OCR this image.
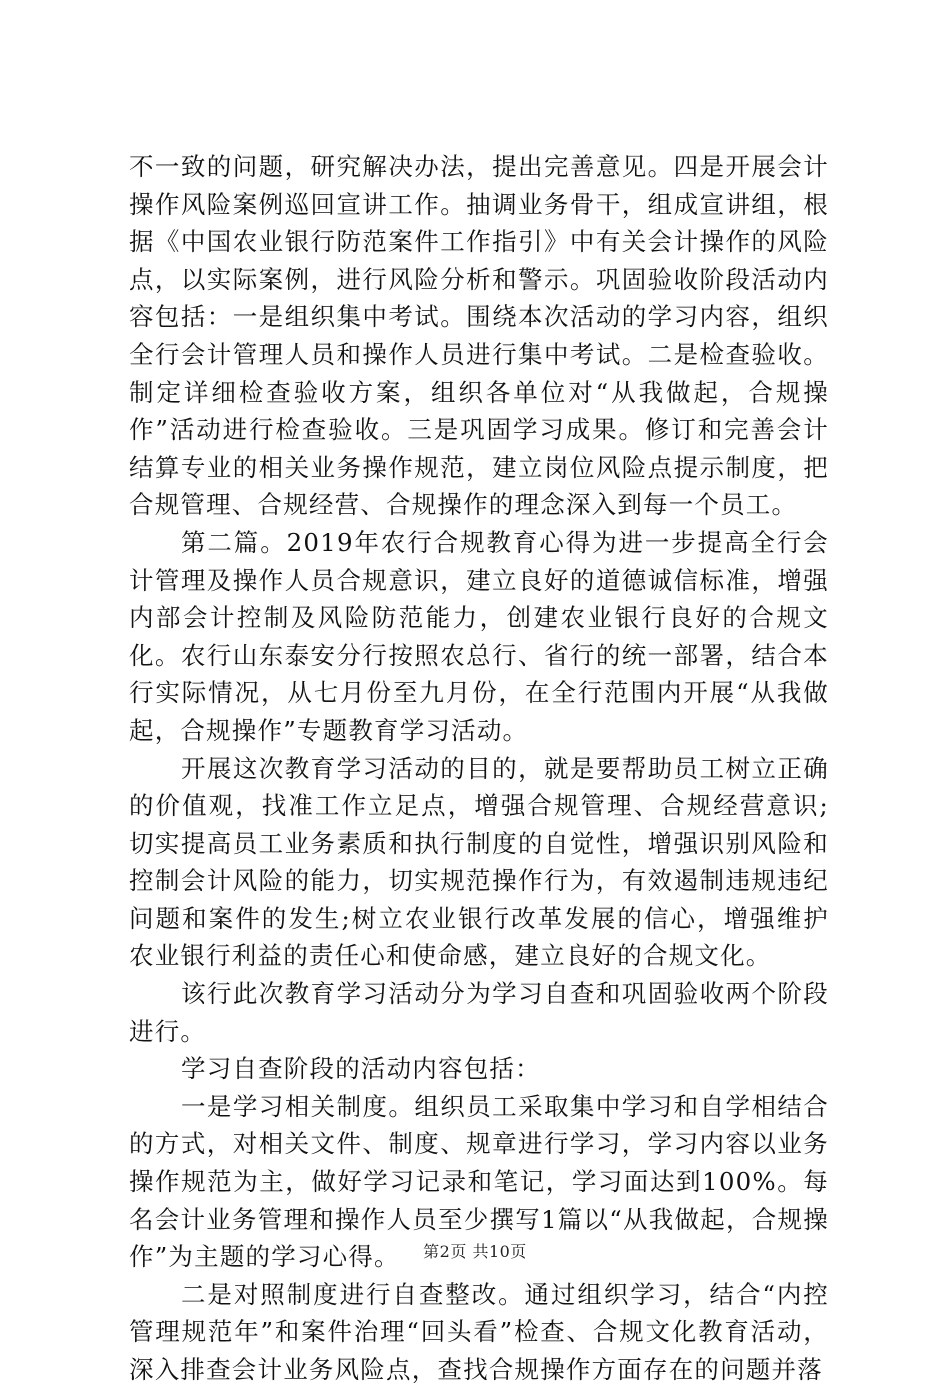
不一致的问题，研究解决办法，提出完善意见。四是开展会计操作风险案例巡回宣讲工作。抽调业务骨干，组成宣讲组，根据《中国农业银行防范案件工作指引》中有关会计操作的风险点，以实际案例，进行风险分析和警示。巩固验收阶段活动内容包括：一是组织集中考试。围绕本次活动的学习内容，组织全行会计管理人员和操作人员进行集中考试。二是检查验收。制定详细检查验收方案，组织各单位对“从我做起，合规操作”活动进行检查验收。三是巩固学习成果。修订和完善会计结算专业的相关业务操作规范，建立岗位风险点提示制度，把合规管理、合规经营、合规操作的理念深入到每一个员工。

第二篇。2019年农行合规教育心得为进一步提高全行会计管理及操作人员合规意识，建立良好的道德诚信标准，增强内部会计控制及风险防范能力，创建农业银行良好的合规文化。农行山东泰安分行按照农总行、省行的统一部署，结合本行实际情况，从七月份至九月份，在全行范围内开展“从我做起，合规操作”专题教育学习活动。

开展这次教育学习活动的目的，就是要帮助员工树立正确的价值观，找准工作立足点，增强合规管理、合规经营意识;切实提高员工业务素质和执行制度的自觉性，增强识别风险和控制会计风险的能力，切实规范操作行为，有效遏制违规违纪问题和案件的发生;树立农业银行改革发展的信心，增强维护农业银行利益的责任心和使命感，建立良好的合规文化。

该行此次教育学习活动分为学习自查和巩固验收两个阶段进行。

学习自查阶段的活动内容包括：

一是学习相关制度。组织员工采取集中学习和自学相结合的方式，对相关文件、制度、规章进行学习，学习内容以业务操作规范为主，做好学习记录和笔记，学习面达到100%。每名会计业务管理和操作人员至少撰写1篇以“从我做起，合规操作”为主题的学习心得。

二是对照制度进行自查整改。通过组织学习，结合“内控管理规范年”和案件治理“回头看”检查、合规文化教育活动，深入排查会计业务风险点，查找合规操作方面存在的问题并落

第2页 共10页
